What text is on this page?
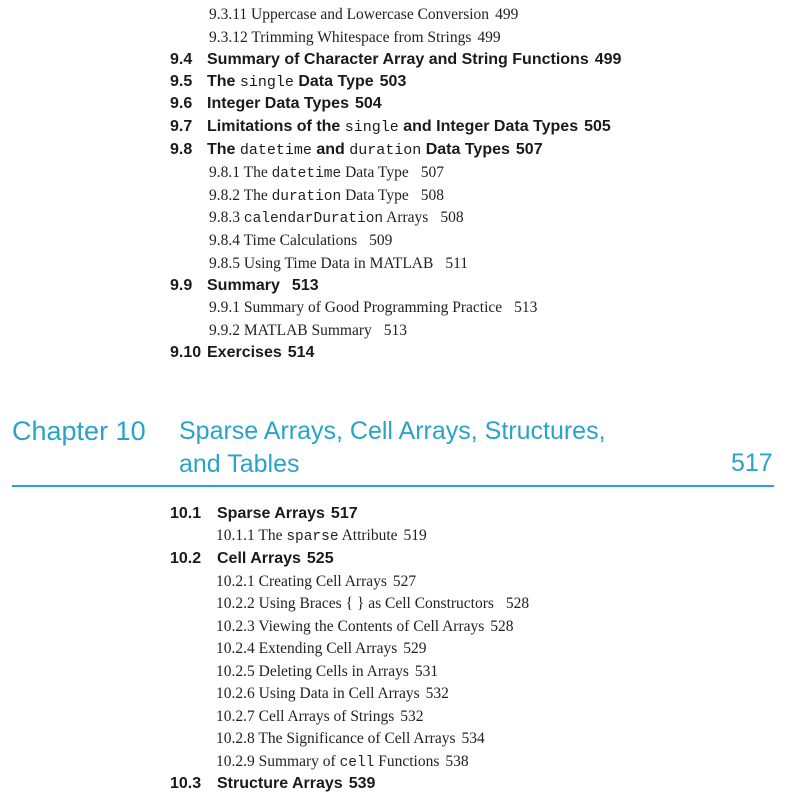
9.3.11 Uppercase and Lowercase Conversion 499
9.3.12 Trimming Whitespace from Strings 499
9.4 Summary of Character Array and String Functions 499
9.5 The single Data Type 503
9.6 Integer Data Types 504
9.7 Limitations of the single and Integer Data Types 505
9.8 The datetime and duration Data Types 507
9.8.1 The datetime Data Type 507
9.8.2 The duration Data Type 508
9.8.3 calendarDuration Arrays 508
9.8.4 Time Calculations 509
9.8.5 Using Time Data in MATLAB 511
9.9 Summary 513
9.9.1 Summary of Good Programming Practice 513
9.9.2 MATLAB Summary 513
9.10 Exercises 514
Chapter 10 Sparse Arrays, Cell Arrays, Structures,
and Tables	517
10.1 Sparse Arrays 517
10.1.1 The sparse Attribute 519
10.2 Cell Arrays 525
10.2.1 Creating Cell Arrays 527
10.2.2 Using Braces { } as Cell Constructors 528
10.2.3 Viewing the Contents of Cell Arrays 528
10.2.4 Extending Cell Arrays 529
10.2.5 Deleting Cells in Arrays 531
10.2.6 Using Data in Cell Arrays 532
10.2.7 Cell Arrays of Strings 532
10.2.8 The Significance of Cell Arrays 534
10.2.9 Summary of cell Functions 538
10.3 Structure Arrays 539
